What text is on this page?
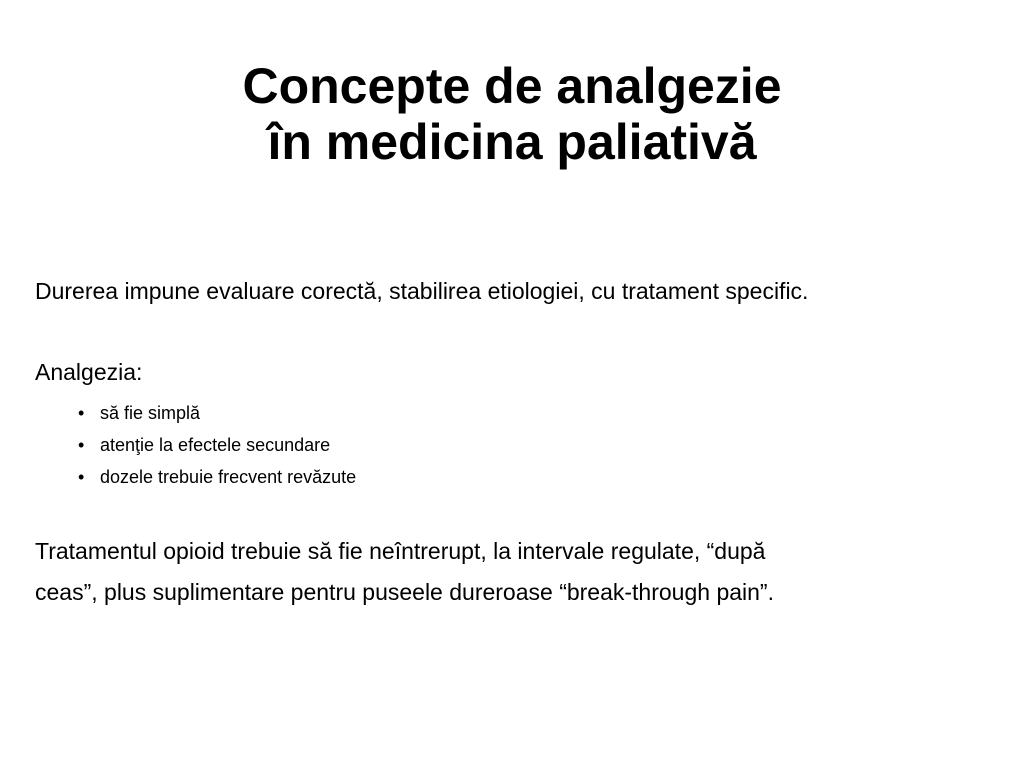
Concepte de analgezie
în medicina paliativă

Durerea impune evaluare corectă, stabilirea etiologiei, cu tratament specific.

Analgezia:

• să fie simplă
• atenţie la efectele secundare
• dozele trebuie frecvent revăzute

Tratamentul opioid trebuie să fie neîntrerupt, la intervale regulate, “după
ceas”, plus suplimentare pentru puseele dureroase “break-through pain”.
